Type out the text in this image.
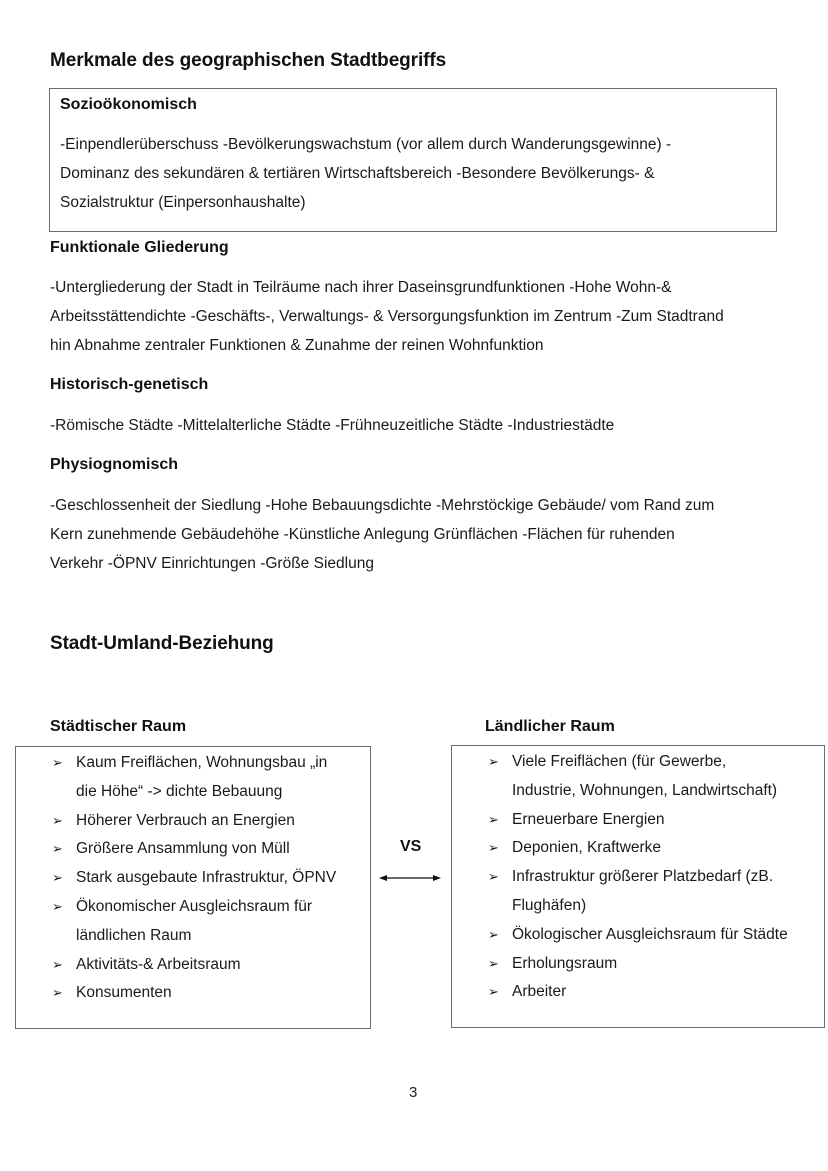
Merkmale des geographischen Stadtbegriffs
Sozioökonomisch
-Einpendlerüberschuss -Bevölkerungswachstum (vor allem durch Wanderungsgewinne) -
Dominanz des sekundären & tertiären Wirtschaftsbereich -Besondere Bevölkerungs- &
Sozialstruktur (Einpersonhaushalte)
Funktionale Gliederung
-Untergliederung der Stadt in Teilräume nach ihrer Daseinsgrundfunktionen -Hohe Wohn-&
Arbeitsstättendichte -Geschäfts-, Verwaltungs- & Versorgungsfunktion im Zentrum -Zum Stadtrand
hin Abnahme zentraler Funktionen & Zunahme der reinen Wohnfunktion
Historisch-genetisch
-Römische Städte -Mittelalterliche Städte -Frühneuzeitliche Städte -Industriestädte
Physiognomisch
-Geschlossenheit der Siedlung -Hohe Bebauungsdichte -Mehrstöckige Gebäude/ vom Rand zum
Kern zunehmende Gebäudehöhe -Künstliche Anlegung Grünflächen -Flächen für ruhenden
Verkehr -ÖPNV Einrichtungen -Größe Siedlung
Stadt-Umland-Beziehung
Städtischer Raum	Ländlicher Raum
➢ Kaum Freiflächen, Wohnungsbau „in
die Höhe“ -> dichte Bebauung
➢ Höherer Verbrauch an Energien
➢ Größere Ansammlung von Müll
➢ Stark ausgebaute Infrastruktur, ÖPNV
➢ Ökonomischer Ausgleichsraum für
ländlichen Raum
➢ Aktivitäts-& Arbeitsraum
➢ Konsumenten
VS
➢ Viele Freiflächen (für Gewerbe,
Industrie, Wohnungen, Landwirtschaft)
➢ Erneuerbare Energien
➢ Deponien, Kraftwerke
➢ Infrastruktur größerer Platzbedarf (zB.
Flughäfen)
➢ Ökologischer Ausgleichsraum für Städte
➢ Erholungsraum
➢ Arbeiter
3
